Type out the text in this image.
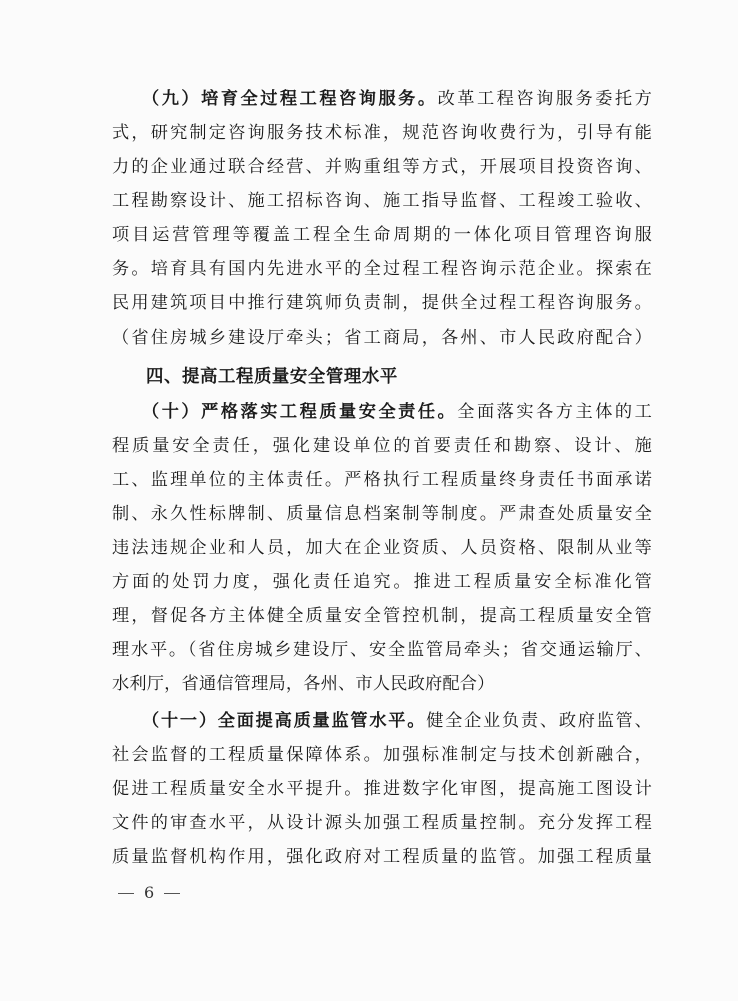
（九）培育全过程工程咨询服务。改革工程咨询服务委托方
式，研究制定咨询服务技术标准，规范咨询收费行为，引导有能
力的企业通过联合经营、并购重组等方式，开展项目投资咨询、
工程勘察设计、施工招标咨询、施工指导监督、工程竣工验收、
项目运营管理等覆盖工程全生命周期的一体化项目管理咨询服
务。培育具有国内先进水平的全过程工程咨询示范企业。探索在
民用建筑项目中推行建筑师负责制，提供全过程工程咨询服务。
（省住房城乡建设厅牵头；省工商局，各州、市人民政府配合）
四、提高工程质量安全管理水平
（十）严格落实工程质量安全责任。全面落实各方主体的工
程质量安全责任，强化建设单位的首要责任和勘察、设计、施
工、监理单位的主体责任。严格执行工程质量终身责任书面承诺
制、永久性标牌制、质量信息档案制等制度。严肃查处质量安全
违法违规企业和人员，加大在企业资质、人员资格、限制从业等
方面的处罚力度，强化责任追究。推进工程质量安全标准化管
理，督促各方主体健全质量安全管控机制，提高工程质量安全管
理水平。（省住房城乡建设厅、安全监管局牵头；省交通运输厅、
水利厅，省通信管理局，各州、市人民政府配合）
（十一）全面提高质量监管水平。健全企业负责、政府监管、
社会监督的工程质量保障体系。加强标准制定与技术创新融合，
促进工程质量安全水平提升。推进数字化审图，提高施工图设计
文件的审查水平，从设计源头加强工程质量控制。充分发挥工程
质量监督机构作用，强化政府对工程质量的监管。加强工程质量
6
